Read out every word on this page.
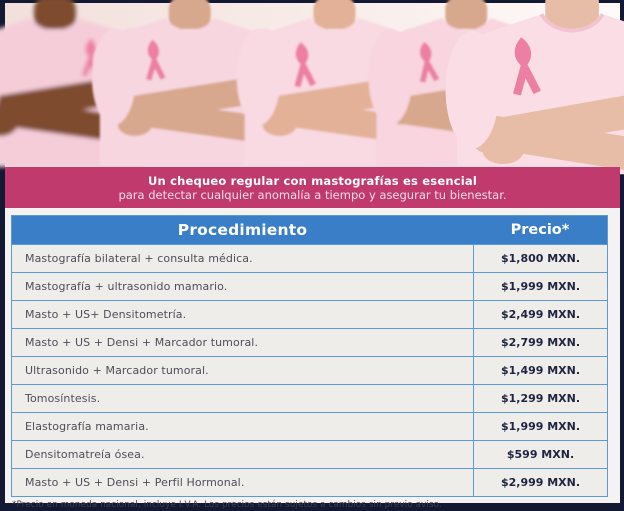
Un chequeo regular con mastografías es esencial
para detectar cualquier anomalía a tiempo y asegurar tu bienestar.
Procedimiento	Precio*
Mastografía bilateral + consulta médica.	$1,800 MXN.
Mastografía + ultrasonido mamario.	$1,999 MXN.
Masto + US+ Densitometría.	$2,499 MXN.
Masto + US + Densi + Marcador tumoral.	$2,799 MXN.
Ultrasonido + Marcador tumoral.	$1,499 MXN.
Tomosíntesis.	$1,299 MXN.
Elastografía mamaria.	$1,999 MXN.
Densitomatreía ósea.	$599 MXN.
Masto + US + Densi + Perfil Hormonal.	$2,999 MXN.
*Precio en moneda nacional, incluye I.V.A. Los precios están sujetos a cambios sin previo aviso.
